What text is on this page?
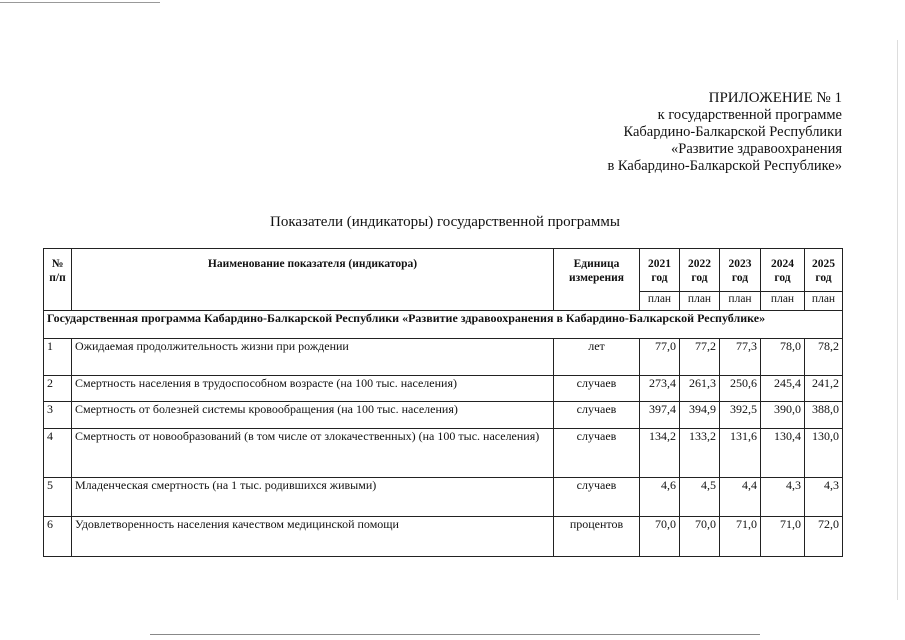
ПРИЛОЖЕНИЕ № 1
к государственной программе
Кабардино-Балкарской Республики
«Развитие здравоохранения
в Кабардино-Балкарской Республике»
Показатели (индикаторы) государственной программы
№ п/п	Наименование показателя (индикатора)	Единица измерения	2021 год	2022 год	2023 год	2024 год	2025 год
			план	план	план	план	план
Государственная программа Кабардино-Балкарской Республики «Развитие здравоохранения в Кабардино-Балкарской Республике»							
1	Ожидаемая продолжительность жизни при рождении	лет	77,0	77,2	77,3	78,0	78,2
2	Смертность населения в трудоспособном возрасте (на 100 тыс. населения)	случаев	273,4	261,3	250,6	245,4	241,2
3	Смертность от болезней системы кровообращения (на 100 тыс. населения)	случаев	397,4	394,9	392,5	390,0	388,0
4	Смертность от новообразований (в том числе от злокачественных) (на 100 тыс. населения)	случаев	134,2	133,2	131,6	130,4	130,0
5	Младенческая смертность (на 1 тыс. родившихся живыми)	случаев	4,6	4,5	4,4	4,3	4,3
6	Удовлетворенность населения качеством медицинской помощи	процентов	70,0	70,0	71,0	71,0	72,0
